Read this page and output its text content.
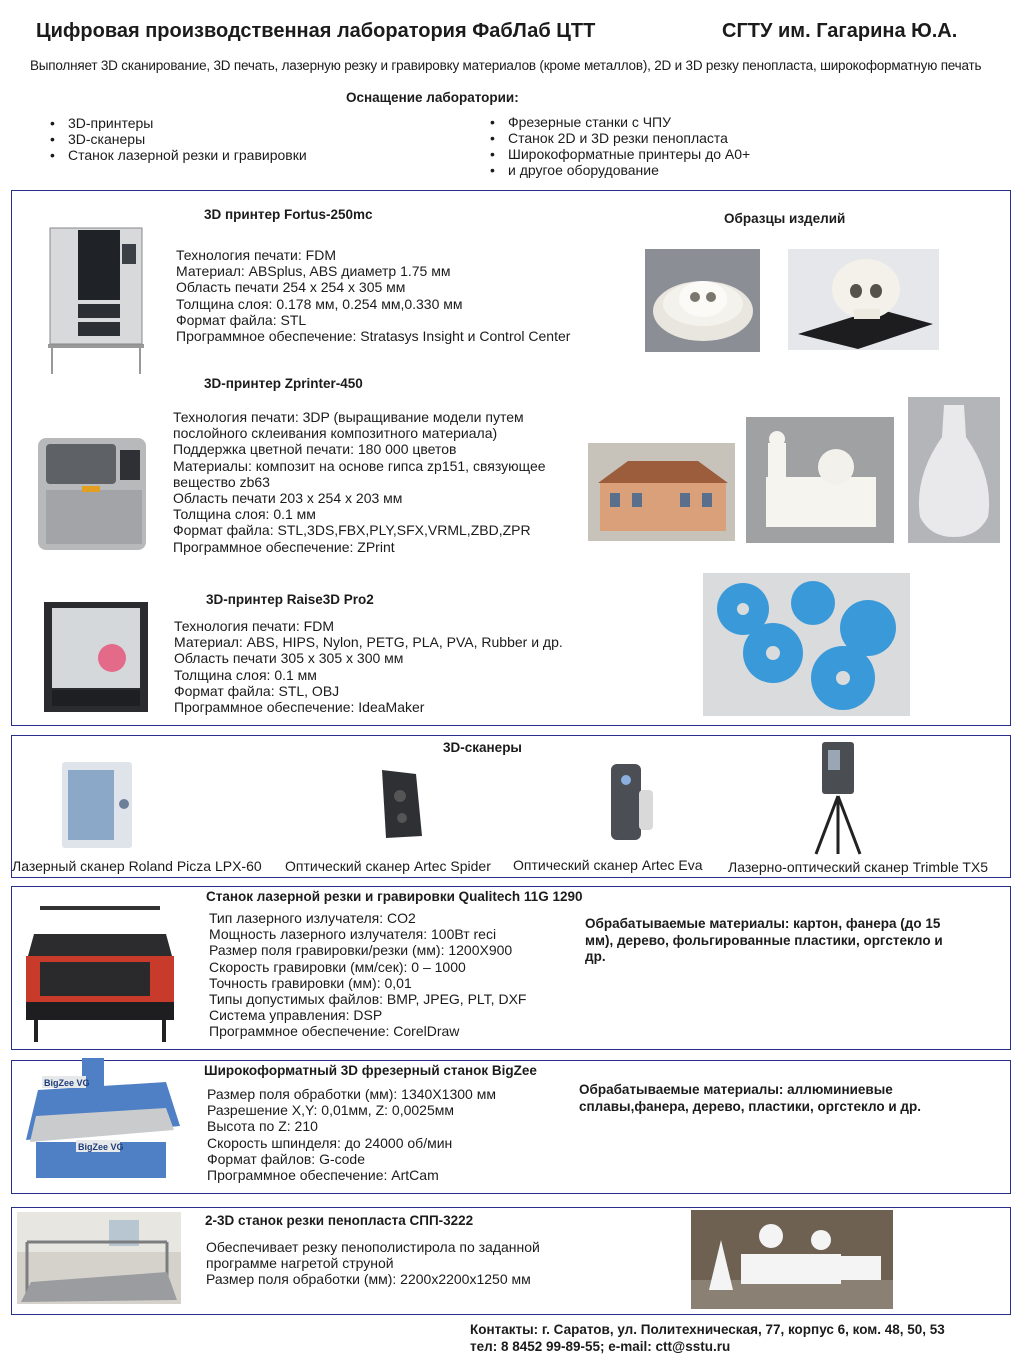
Цифровая производственная лаборатория ФабЛаб ЦТТ	СГТУ им. Гагарина Ю.А.
Выполняет 3D сканирование, 3D печать, лазерную резку и гравировку материалов (кроме металлов), 2D и 3D резку пенопласта, широкоформатную печать
Оснащение лаборатории:
• 3D-принтеры
• 3D-сканеры
• Станок лазерной резки и гравировки
• Фрезерные станки с ЧПУ
• Станок 2D и 3D резки пенопласта
• Широкоформатные принтеры до А0+
• и другое оборудование
3D принтер Fortus-250mc	Образцы изделий
Технология печати: FDM
Материал: ABSplus, ABS диаметр 1.75 мм
Область печати 254 x 254 x 305 мм
Толщина слоя: 0.178 мм, 0.254 мм,0.330 мм
Формат файла: STL
Программное обеспечение: Stratasys Insight и Control Center
3D-принтер Zprinter-450
Технология печати: 3DP (выращивание модели путем
послойного склеивания композитного материала)
Поддержка цветной печати: 180 000 цветов
Материалы: композит на основе гипса zp151, связующее
вещество zb63
Область печати 203 x 254 x 203 мм
Толщина слоя: 0.1 мм
Формат файла: STL,3DS,FBX,PLY,SFX,VRML,ZBD,ZPR
Программное обеспечение: ZPrint
3D-принтер Raise3D Pro2
Технология печати: FDM
Материал: ABS, HIPS, Nylon, PETG, PLA, PVA, Rubber и др.
Область печати 305 x 305 x 300 мм
Толщина слоя: 0.1 мм
Формат файла: STL, OBJ
Программное обеспечение: IdeaMaker
3D-сканеры
Лазерный сканер Roland Picza LPX-60 Оптический сканер Artec Spider Оптический сканер Artec Eva Лазерно-оптический сканер Trimble TX5
Станок лазерной резки и гравировки Qualitech 11G 1290
Тип лазерного излучателя: CO2
Мощность лазерного излучателя: 100Вт reci
Размер поля гравировки/резки (мм): 1200X900
Скорость гравировки (мм/сек): 0 – 1000
Точность гравировки (мм): 0,01
Типы допустимых файлов: BMP, JPEG, PLT, DXF
Система управления: DSP
Программное обеспечение: CorelDraw
Обрабатываемые материалы: картон, фанера (до 15
мм), дерево, фольгированные пластики, оргстекло и
др.
Широкоформатный 3D фрезерный станок BigZee
BigZee VG
BigZee VG
Размер поля обработки (мм): 1340X1300 мм
Разрешение X,Y: 0,01мм, Z: 0,0025мм
Высота по Z: 210
Скорость шпинделя: до 24000 об/мин
Формат файлов: G-code
Программное обеспечение: ArtCam
Обрабатываемые материалы: аллюминиевые
сплавы,фанера, дерево, пластики, оргстекло и др.
2-3D станок резки пенопласта СПП-3222
Обеспечивает резку пенополистирола по заданной
программе нагретой струной
Размер поля обработки (мм): 2200x2200x1250 мм
Контакты: г. Саратов, ул. Политехническая, 77, корпус 6, ком. 48, 50, 53
тел: 8 8452 99-89-55; e-mail: ctt@sstu.ru
